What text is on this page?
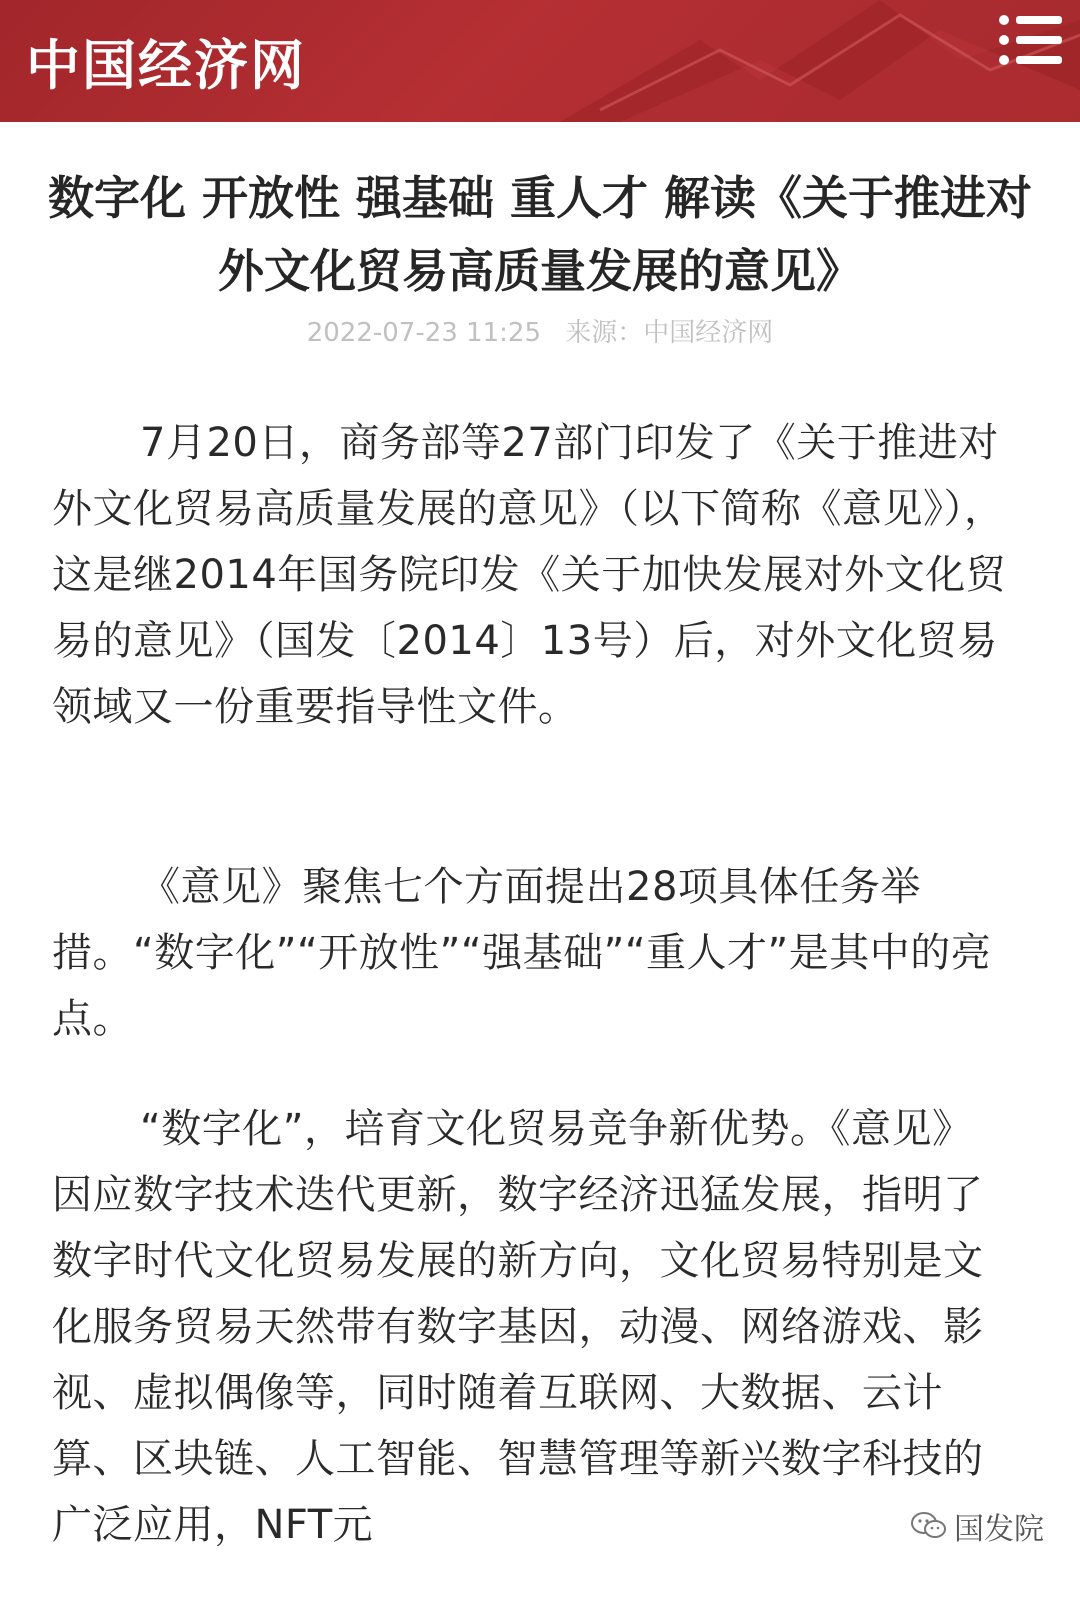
中国经济网
数字化 开放性 强基础 重人才 解读《关于推进对外文化贸易高质量发展的意见》
2022-07-23 11:25 来源：中国经济网

7月20日，商务部等27部门印发了《关于推进对外文化贸易高质量发展的意见》（以下简称《意见》），这是继2014年国务院印发《关于加快发展对外文化贸易的意见》（国发〔2014〕13号）后，对外文化贸易领域又一份重要指导性文件。

《意见》聚焦七个方面提出28项具体任务举措。“数字化”“开放性”“强基础”“重人才”是其中的亮点。

“数字化”，培育文化贸易竞争新优势。《意见》因应数字技术迭代更新，数字经济迅猛发展，指明了数字时代文化贸易发展的新方向，文化贸易特别是文化服务贸易天然带有数字基因，动漫、网络游戏、影视、虚拟偶像等，同时随着互联网、大数据、云计算、区块链、人工智能、智慧管理等新兴数字科技的广泛应用，NFT元	国发院
